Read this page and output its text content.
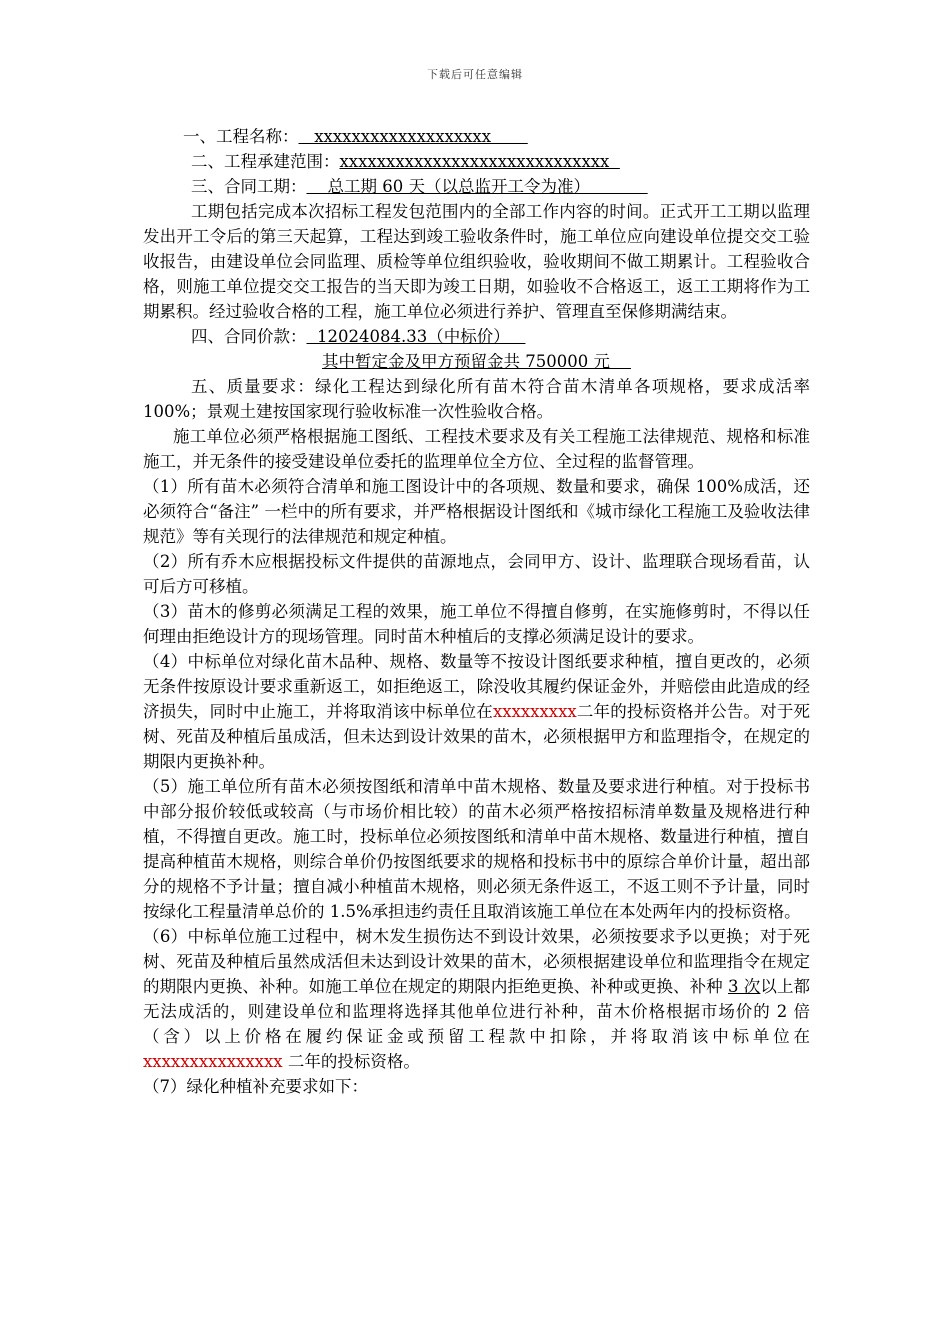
下载后可任意编辑

一、工程名称：   xxxxxxxxxxxxxxxxxxx

二、工程承建范围：xxxxxxxxxxxxxxxxxxxxxxxxxxxxx

三、合同工期：    总工期 60 天（以总监开工令为准）

工期包括完成本次招标工程发包范围内的全部工作内容的时间。正式开工工期以监理发出开工令后的第三天起算，工程达到竣工验收条件时，施工单位应向建设单位提交交工验收报告，由建设单位会同监理、质检等单位组织验收，验收期间不做工期累计。工程验收合格，则施工单位提交交工报告的当天即为竣工日期，如验收不合格返工，返工工期将作为工期累积。经过验收合格的工程，施工单位必须进行养护、管理直至保修期满结束。

四、合同价款：  12024084.33（中标价）

其中暂定金及甲方预留金共 750000 元

五、质量要求：绿化工程达到绿化所有苗木符合苗木清单各项规格，要求成活率 100%；景观土建按国家现行验收标准一次性验收合格。

施工单位必须严格根据施工图纸、工程技术要求及有关工程施工法律规范、规格和标准施工，并无条件的接受建设单位委托的监理单位全方位、全过程的监督管理。

（1）所有苗木必须符合清单和施工图设计中的各项规、数量和要求，确保 100%成活，还必须符合“备注” 一栏中的所有要求，并严格根据设计图纸和《城市绿化工程施工及验收法律规范》等有关现行的法律规范和规定种植。

（2）所有乔木应根据投标文件提供的苗源地点，会同甲方、设计、监理联合现场看苗，认可后方可移植。

（3）苗木的修剪必须满足工程的效果，施工单位不得擅自修剪，在实施修剪时，不得以任何理由拒绝设计方的现场管理。同时苗木种植后的支撑必须满足设计的要求。

（4）中标单位对绿化苗木品种、规格、数量等不按设计图纸要求种植，擅自更改的，必须无条件按原设计要求重新返工，如拒绝返工，除没收其履约保证金外，并赔偿由此造成的经济损失，同时中止施工，并将取消该中标单位在xxxxxxxxx二年的投标资格并公告。对于死树、死苗及种植后虽成活，但未达到设计效果的苗木，必须根据甲方和监理指令，在规定的期限内更换补种。

（5）施工单位所有苗木必须按图纸和清单中苗木规格、数量及要求进行种植。对于投标书中部分报价较低或较高（与市场价相比较）的苗木必须严格按招标清单数量及规格进行种植，不得擅自更改。施工时，投标单位必须按图纸和清单中苗木规格、数量进行种植，擅自提高种植苗木规格，则综合单价仍按图纸要求的规格和投标书中的原综合单价计量，超出部分的规格不予计量；擅自减小种植苗木规格，则必须无条件返工，不返工则不予计量，同时按绿化工程量清单总价的 1.5%承担违约责任且取消该施工单位在本处两年内的投标资格。

（6）中标单位施工过程中，树木发生损伤达不到设计效果，必须按要求予以更换；对于死树、死苗及种植后虽然成活但未达到设计效果的苗木，必须根据建设单位和监理指令在规定的期限内更换、补种。如施工单位在规定的期限内拒绝更换、补种或更换、补种 3 次以上都无法成活的，则建设单位和监理将选择其他单位进行补种，苗木价格根据市场价的 2 倍（含）以上价格在履约保证金或预留工程款中扣除，并将取消该中标单位在 xxxxxxxxxxxxxxx 二年的投标资格。

（7）绿化种植补充要求如下：
